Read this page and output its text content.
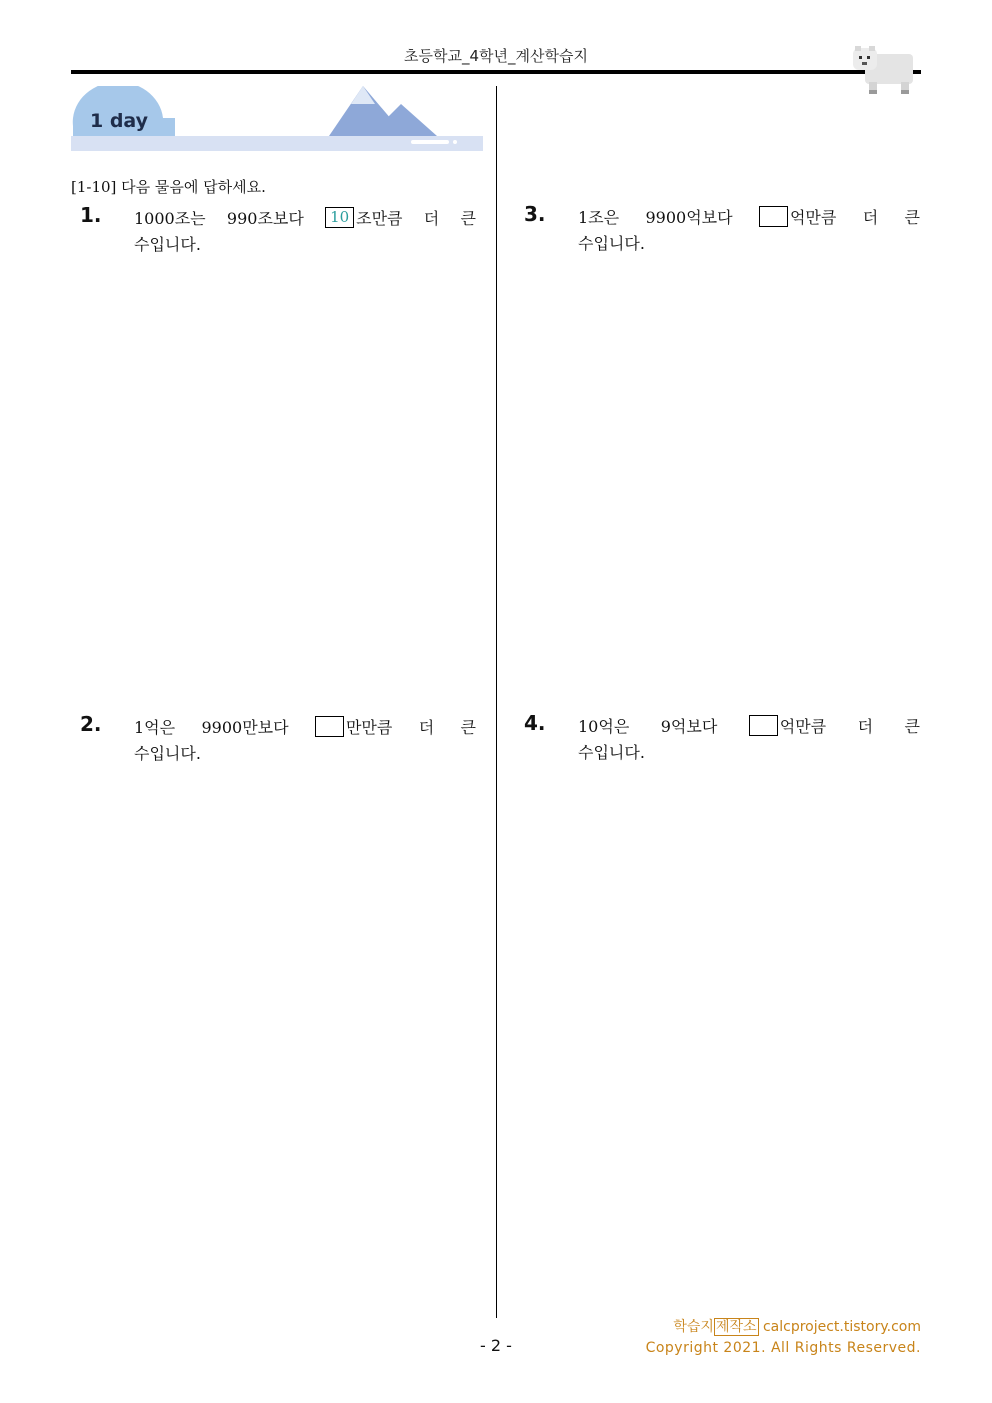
초등학교_4학년_계산학습지
1 day
[1-10] 다음 물음에 답하세요.
1. 1000조는 990조보다	10 조만큼 더 큰
수입니다.
2. 1억은 9900만보다	만만큼 더 큰
수입니다.
3. 1조은 9900억보다	억만큼 더 큰
수입니다.
4. 10억은 9억보다	억만큼 더 큰
수입니다.
학습지 제작소 calcproject.tistory.com
Copyright 2021. All Rights Reserved.
- 2 -
